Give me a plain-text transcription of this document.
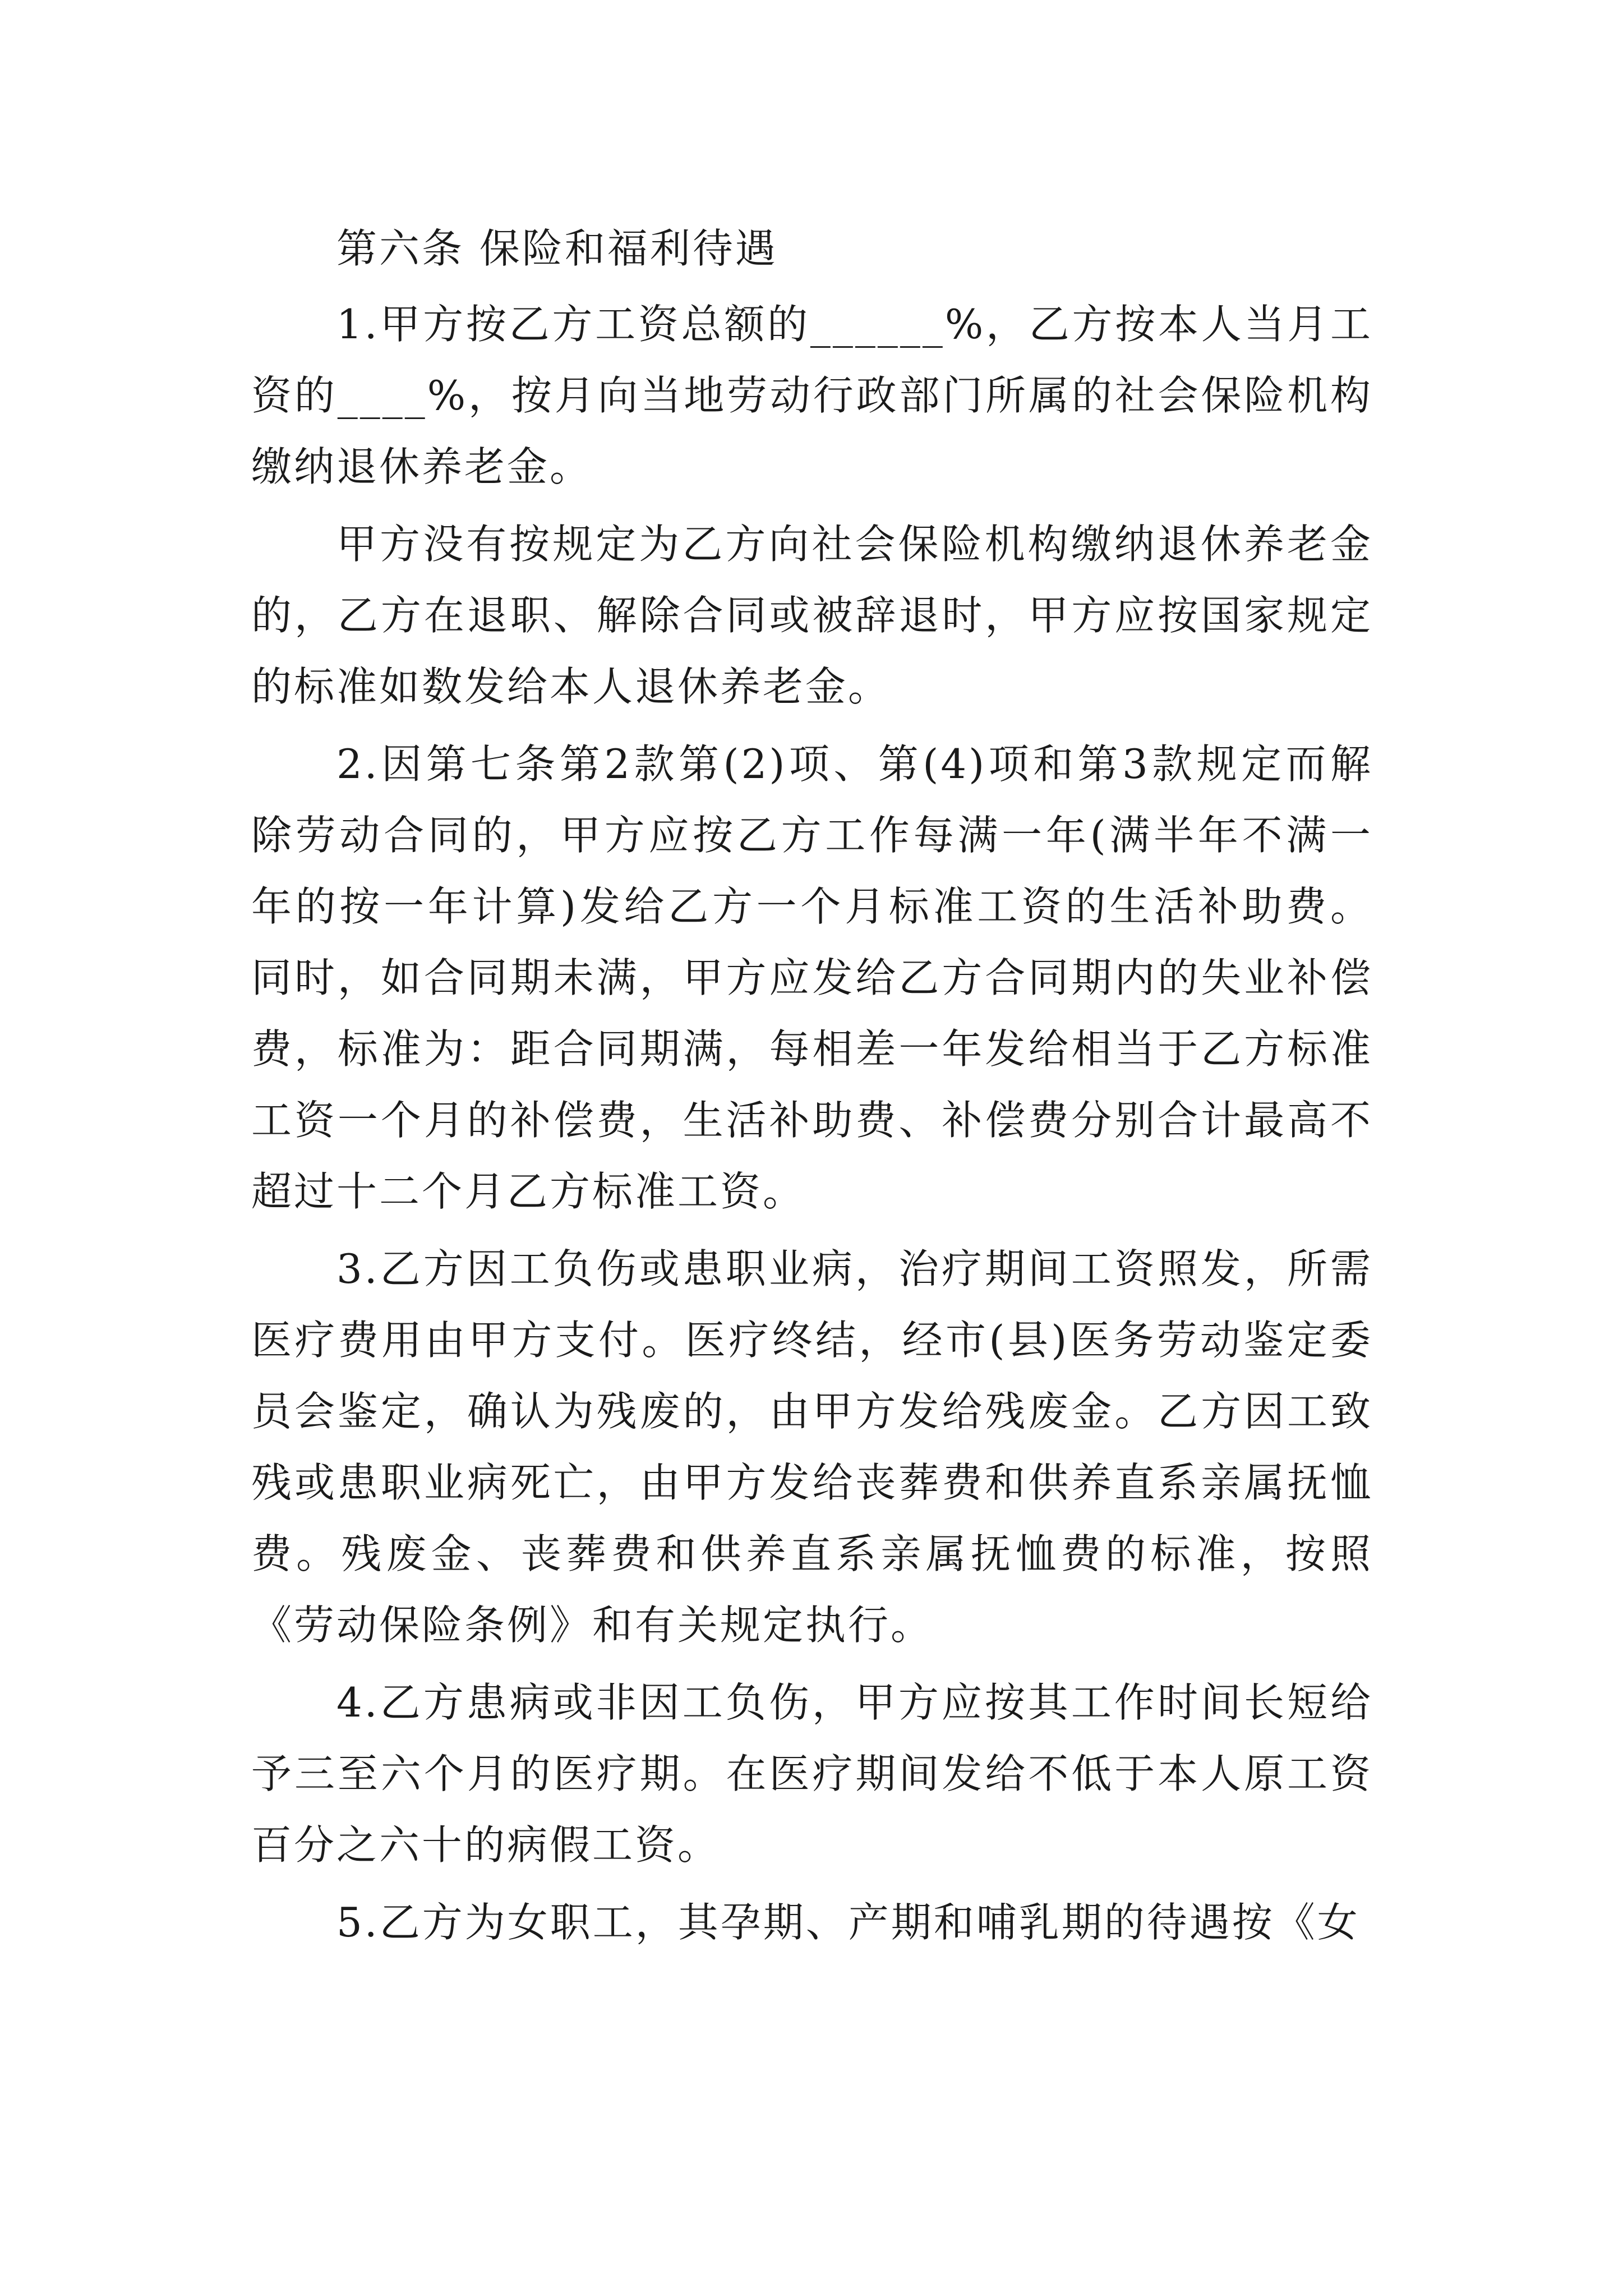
第六条 保险和福利待遇

1.甲方按乙方工资总额的______%，乙方按本人当月工资的____%，按月向当地劳动行政部门所属的社会保险机构缴纳退休养老金。

甲方没有按规定为乙方向社会保险机构缴纳退休养老金的，乙方在退职、解除合同或被辞退时，甲方应按国家规定的标准如数发给本人退休养老金。

2.因第七条第2款第(2)项、第(4)项和第3款规定而解除劳动合同的，甲方应按乙方工作每满一年(满半年不满一年的按一年计算)发给乙方一个月标准工资的生活补助费。同时，如合同期未满，甲方应发给乙方合同期内的失业补偿费，标准为：距合同期满，每相差一年发给相当于乙方标准工资一个月的补偿费，生活补助费、补偿费分别合计最高不超过十二个月乙方标准工资。

3.乙方因工负伤或患职业病，治疗期间工资照发，所需医疗费用由甲方支付。医疗终结，经市(县)医务劳动鉴定委员会鉴定，确认为残废的，由甲方发给残废金。乙方因工致残或患职业病死亡，由甲方发给丧葬费和供养直系亲属抚恤费。残废金、丧葬费和供养直系亲属抚恤费的标准，按照《劳动保险条例》和有关规定执行。

4.乙方患病或非因工负伤，甲方应按其工作时间长短给予三至六个月的医疗期。在医疗期间发给不低于本人原工资百分之六十的病假工资。

5.乙方为女职工，其孕期、产期和哺乳期的待遇按《女
